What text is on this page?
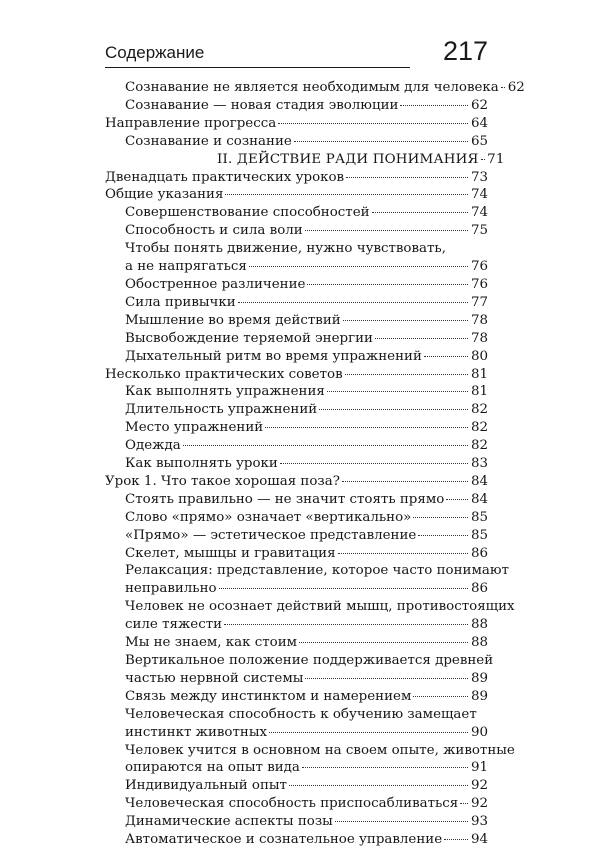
Содержание	217
Сознавание не является необходимым для человека 62
Сознавание — новая стадия эволюции	62
Направление прогресса	64
Сознавание и сознание	65
II. ДЕЙСТВИЕ РАДИ ПОНИМАНИЯ 71
Двенадцать практических уроков	73
Общие указания	74
Совершенствование способностей	74
Способность и сила воли	75
Чтобы понять движение, нужно чувствовать,
а не напрягаться	76
Обостренное различение	76
Сила привычки	77
Мышление во время действий	78
Высвобождение теряемой энергии	78
Дыхательный ритм во время упражнений	80
Несколько практических советов	81
Как выполнять упражнения	81
Длительность упражнений	82
Место упражнений	82
Одежда	82
Как выполнять уроки	83
Урок 1. Что такое хорошая поза?	84
Стоять правильно — не значит стоять прямо 84
Слово «прямо» означает «вертикально»	85
«Прямо» — эстетическое представление	85
Скелет, мышцы и гравитация	86
Релаксация: представление, которое часто понимают
неправильно	86
Человек не осознает действий мышц, противостоящих
силе тяжести	88
Мы не знаем, как стоим	88
Вертикальное положение поддерживается древней
частью нервной системы	89
Связь между инстинктом и намерением	89
Человеческая способность к обучению замещает
инстинкт животных	90
Человек учится в основном на своем опыте, животные
опираются на опыт вида	91
Индивидуальный опыт	92
Человеческая способность приспосабливаться 92
Динамические аспекты позы	93
Автоматическое и сознательное управление 94
